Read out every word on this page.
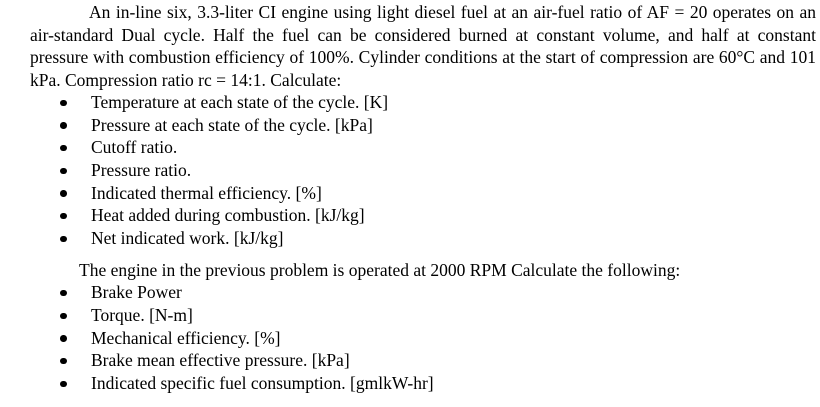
An in-line six, 3.3-liter CI engine using light diesel fuel at an air-fuel ratio of AF = 20 operates on an air-standard Dual cycle. Half the fuel can be considered burned at constant volume, and half at constant pressure with combustion efficiency of 100%. Cylinder conditions at the start of compression are 60°C and 101 kPa. Compression ratio rc = 14:1. Calculate:

Temperature at each state of the cycle. [K]
Pressure at each state of the cycle. [kPa]
Cutoff ratio.
Pressure ratio.
Indicated thermal efficiency. [%]
Heat added during combustion. [kJ/kg]
Net indicated work. [kJ/kg]

The engine in the previous problem is operated at 2000 RPM Calculate the following:

Brake Power
Torque. [N-m]
Mechanical efficiency. [%]
Brake mean effective pressure. [kPa]
Indicated specific fuel consumption. [gmlkW-hr]
